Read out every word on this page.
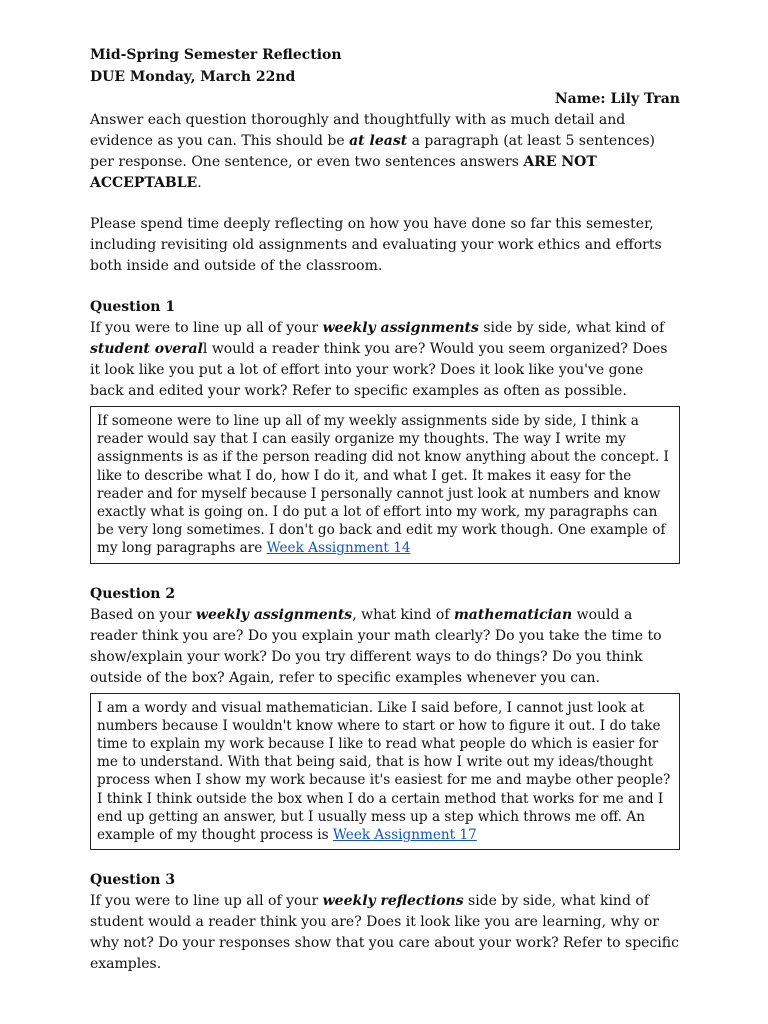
Mid-Spring Semester Reflection

DUE Monday, March 22nd

Name: Lily Tran

Answer each question thoroughly and thoughtfully with as much detail and evidence as you can. This should be at least a paragraph (at least 5 sentences) per response. One sentence, or even two sentences answers ARE NOT ACCEPTABLE.

Please spend time deeply reflecting on how you have done so far this semester, including revisiting old assignments and evaluating your work ethics and efforts both inside and outside of the classroom.

Question 1

If you were to line up all of your weekly assignments side by side, what kind of student overall would a reader think you are? Would you seem organized? Does it look like you put a lot of effort into your work? Does it look like you've gone back and edited your work? Refer to specific examples as often as possible.

If someone were to line up all of my weekly assignments side by side, I think a reader would say that I can easily organize my thoughts. The way I write my assignments is as if the person reading did not know anything about the concept. I like to describe what I do, how I do it, and what I get. It makes it easy for the reader and for myself because I personally cannot just look at numbers and know exactly what is going on. I do put a lot of effort into my work, my paragraphs can be very long sometimes. I don't go back and edit my work though. One example of my long paragraphs are Week Assignment 14

Question 2

Based on your weekly assignments, what kind of mathematician would a reader think you are? Do you explain your math clearly? Do you take the time to show/explain your work? Do you try different ways to do things? Do you think outside of the box? Again, refer to specific examples whenever you can.

I am a wordy and visual mathematician. Like I said before, I cannot just look at numbers because I wouldn't know where to start or how to figure it out. I do take time to explain my work because I like to read what people do which is easier for me to understand. With that being said, that is how I write out my ideas/thought process when I show my work because it's easiest for me and maybe other people? I think I think outside the box when I do a certain method that works for me and I end up getting an answer, but I usually mess up a step which throws me off. An example of my thought process is Week Assignment 17

Question 3

If you were to line up all of your weekly reflections side by side, what kind of student would a reader think you are? Does it look like you are learning, why or why not? Do your responses show that you care about your work? Refer to specific examples.
